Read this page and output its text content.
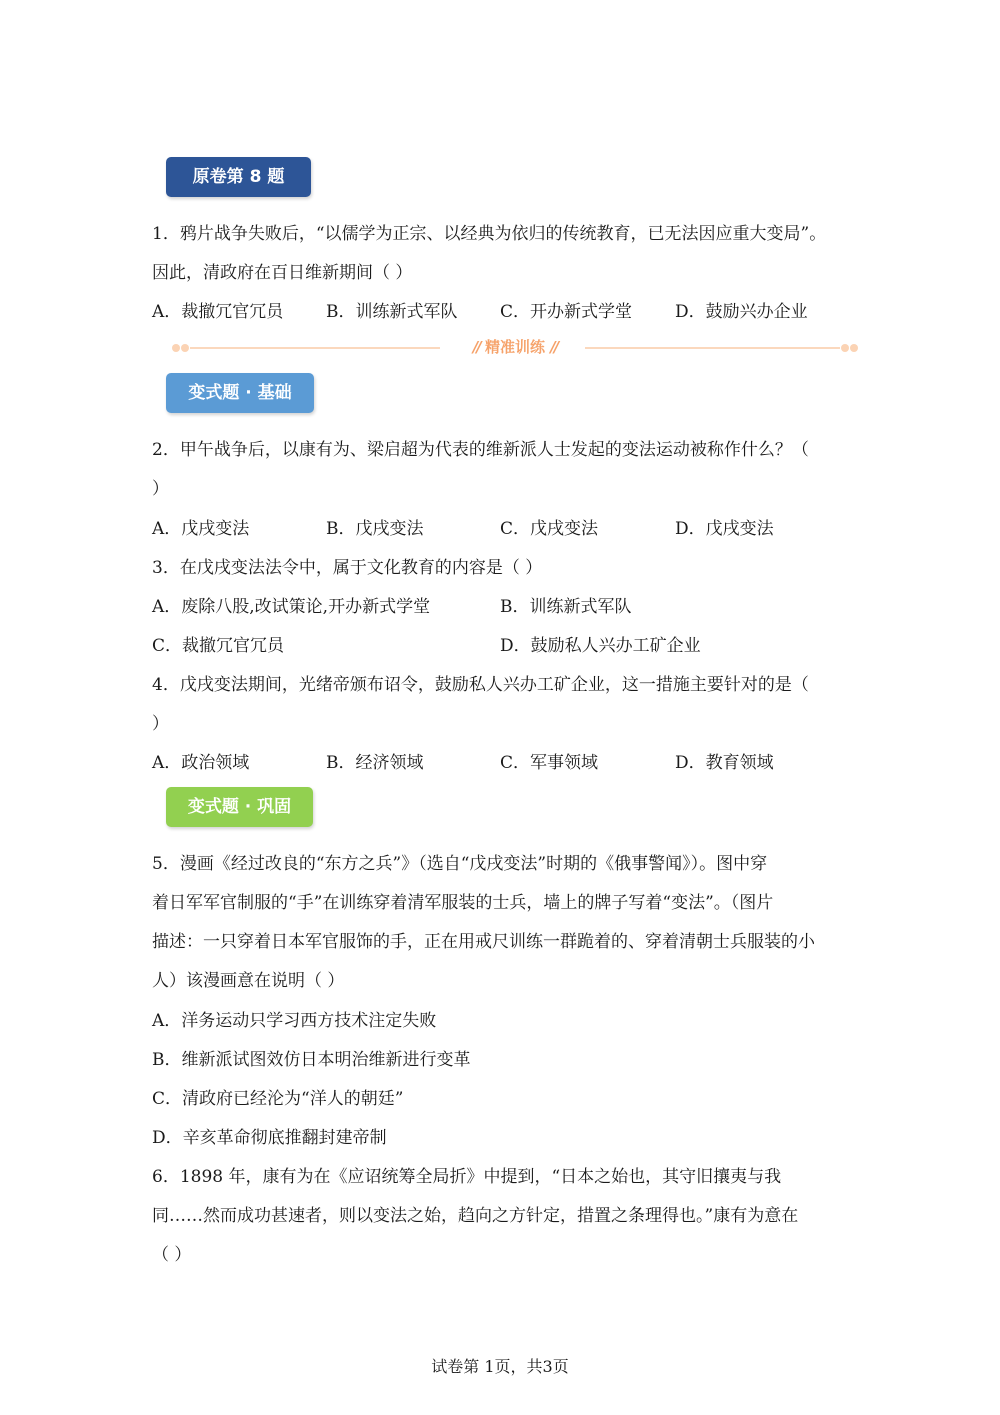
原卷第 8 题
1．鸦片战争失败后，“以儒学为正宗、以经典为依归的传统教育，已无法因应重大变局”。
因此，清政府在百日维新期间（ ）
A．裁撤冗官冗员	B．训练新式军队	C．开办新式学堂	D．鼓励兴办企业
// 精准训练 //
变式题 · 基础
2．甲午战争后，以康有为、梁启超为代表的维新派人士发起的变法运动被称作什么？（
）
A．戊戌变法	B．戊戌变法	C．戊戌变法	D．戊戌变法
3．在戊戌变法法令中，属于文化教育的内容是（ ）
A．废除八股,改试策论,开办新式学堂	B．训练新式军队
C．裁撤冗官冗员	D．鼓励私人兴办工矿企业
4．戊戌变法期间，光绪帝颁布诏令，鼓励私人兴办工矿企业，这一措施主要针对的是（
）
A．政治领域	B．经济领域	C．军事领域	D．教育领域
变式题 · 巩固
5．漫画《经过改良的“东方之兵”》（选自“戊戌变法”时期的《俄事警闻》）。图中穿
着日军军官制服的“手”在训练穿着清军服装的士兵，墙上的牌子写着“变法”。（图片
描述：一只穿着日本军官服饰的手，正在用戒尺训练一群跪着的、穿着清朝士兵服装的小
人）该漫画意在说明（ ）
A．洋务运动只学习西方技术注定失败
B．维新派试图效仿日本明治维新进行变革
C．清政府已经沦为“洋人的朝廷”
D．辛亥革命彻底推翻封建帝制
6．1898 年，康有为在《应诏统筹全局折》中提到，“日本之始也，其守旧攘夷与我
同……然而成功甚速者，则以变法之始，趋向之方针定，措置之条理得也。”康有为意在
（ ）
试卷第 1页，共3页
